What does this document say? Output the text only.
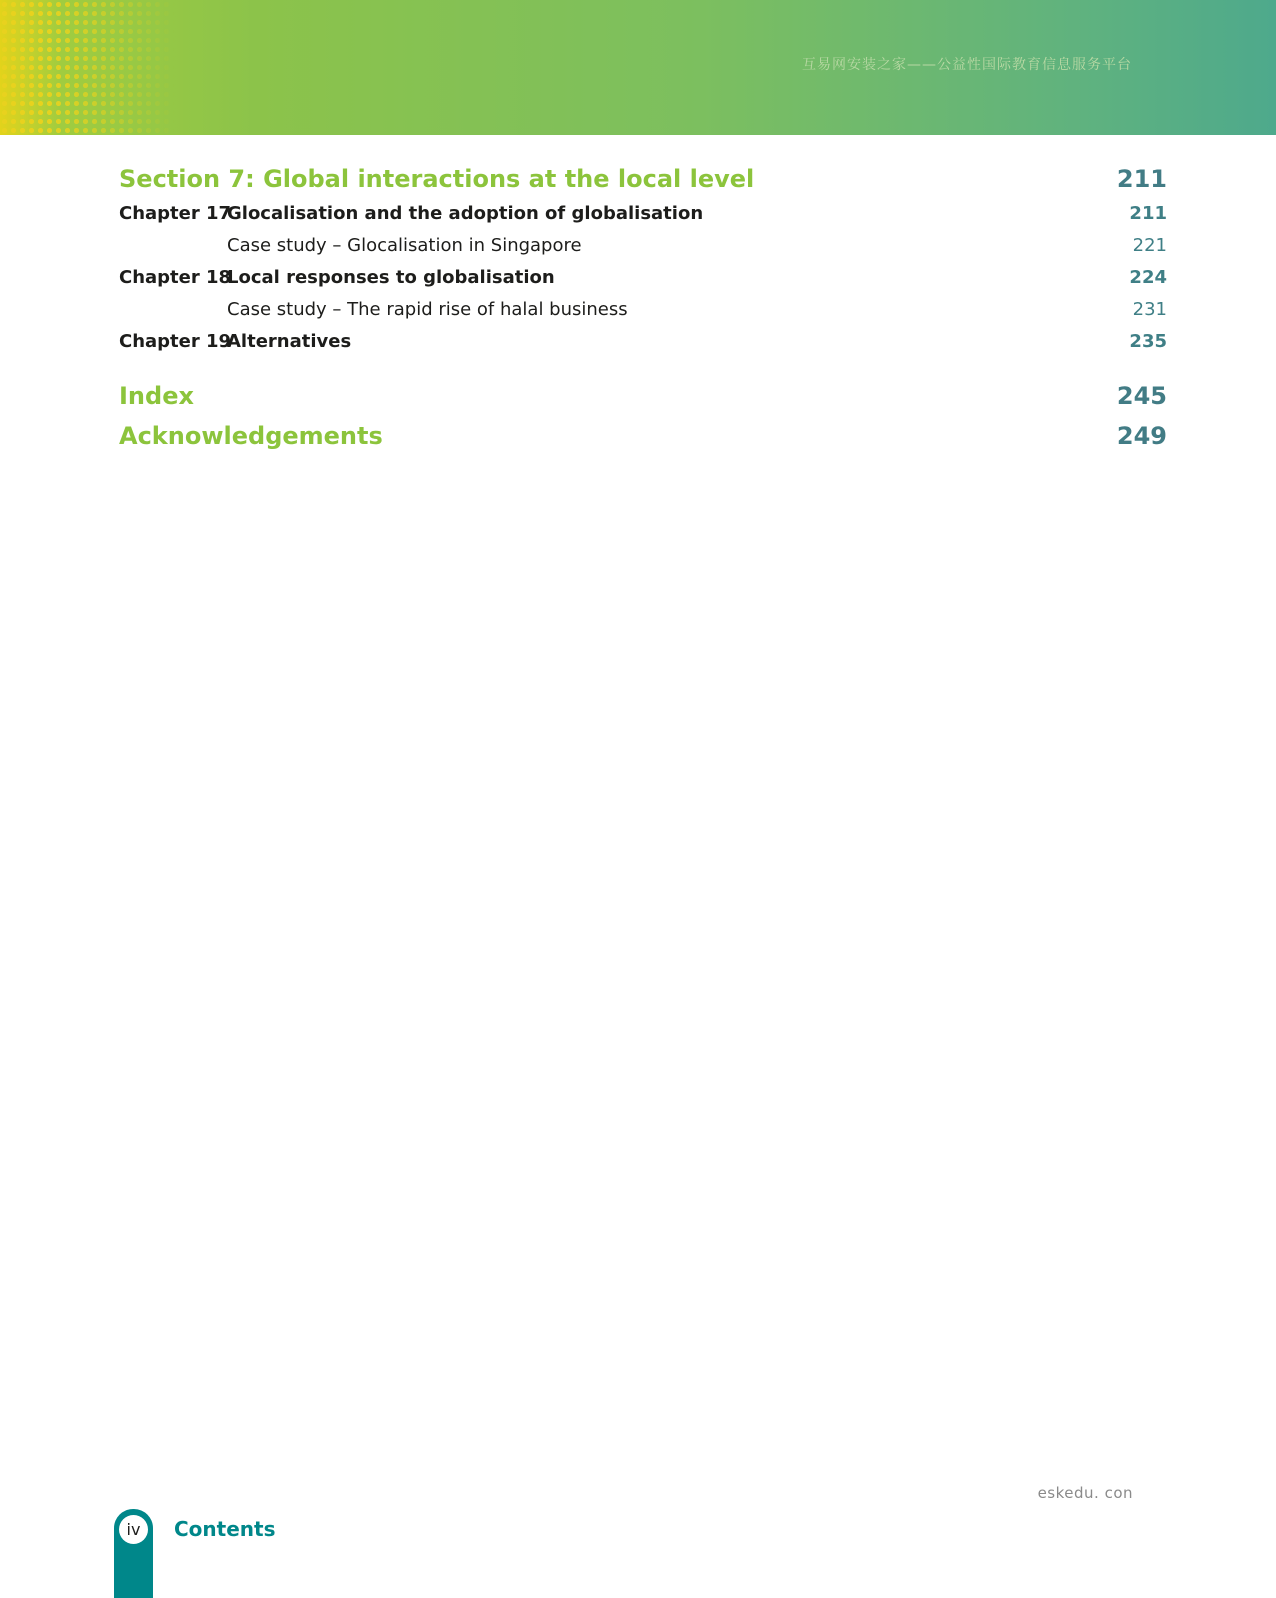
互易网安装之家——公益性国际教育信息服务平台
Section 7: Global interactions at the local level	211
Chapter 17Glocalisation and the adoption of globalisation	211
Case study – Glocalisation in Singapore	221
Chapter 18Local responses to globalisation	224
Case study – The rapid rise of halal business	231
Chapter 19Alternatives	235
Index	245
Acknowledgements	249
eskedu. con
iv	Contents
